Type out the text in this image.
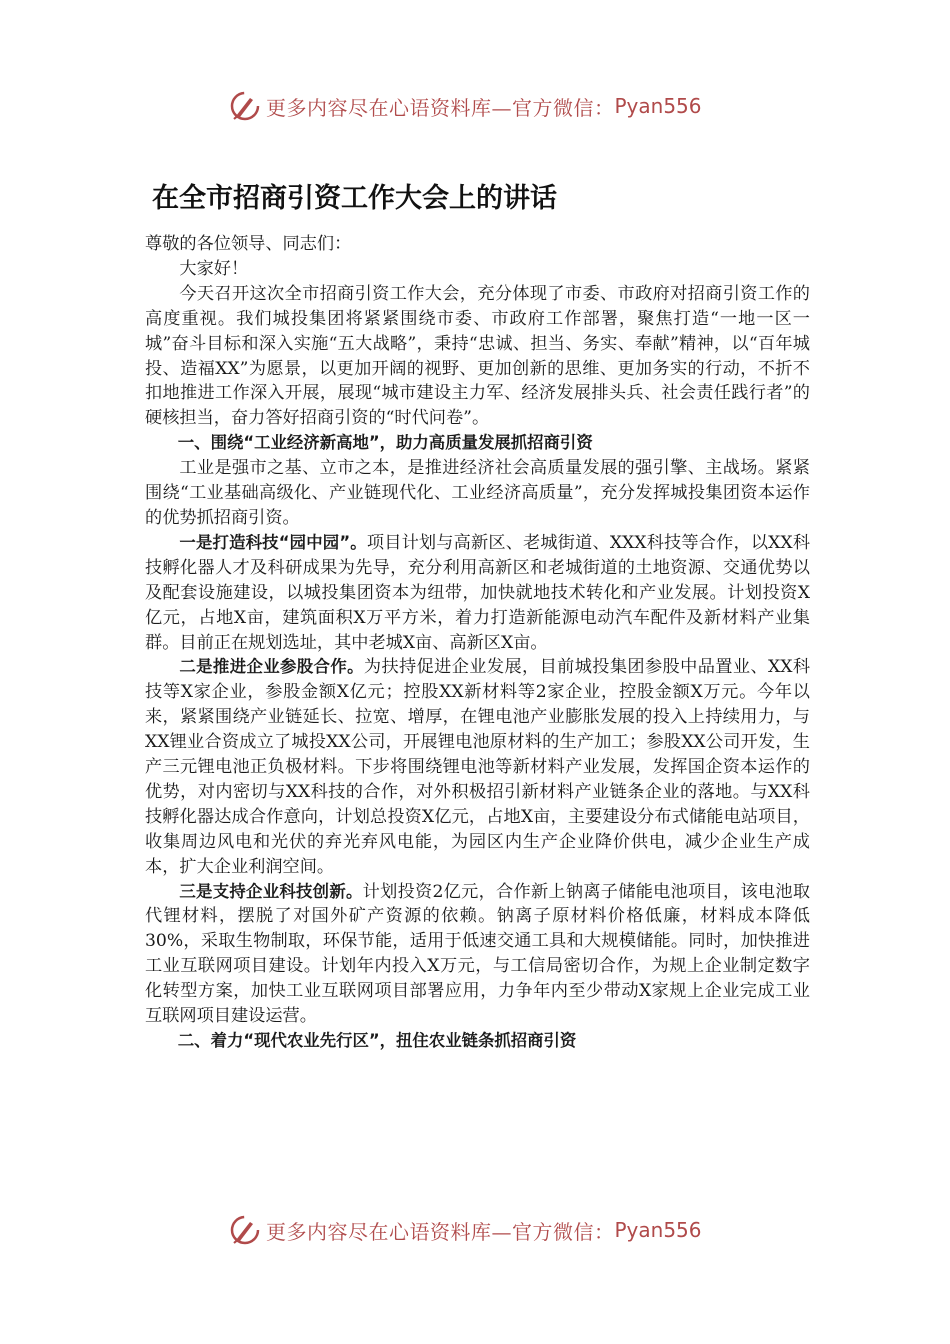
更多内容尽在心语资料库—官方微信： Pyan556
在全市招商引资工作大会上的讲话

尊敬的各位领导、同志们：

大家好！

今天召开这次全市招商引资工作大会，充分体现了市委、市政府对招商引资工作的高度重视。我们城投集团将紧紧围绕市委、市政府工作部署，聚焦打造“一地一区一城”奋斗目标和深入实施“五大战略”，秉持“忠诚、担当、务实、奉献”精神，以“百年城投、造福XX”为愿景，以更加开阔的视野、更加创新的思维、更加务实的行动，不折不扣地推进工作深入开展，展现“城市建设主力军、经济发展排头兵、社会责任践行者”的硬核担当，奋力答好招商引资的“时代问卷”。

一、围绕“工业经济新高地”，助力高质量发展抓招商引资

工业是强市之基、立市之本，是推进经济社会高质量发展的强引擎、主战场。紧紧围绕“工业基础高级化、产业链现代化、工业经济高质量”，充分发挥城投集团资本运作的优势抓招商引资。

一是打造科技“园中园”。项目计划与高新区、老城街道、XXX科技等合作，以XX科技孵化器人才及科研成果为先导，充分利用高新区和老城街道的土地资源、交通优势以及配套设施建设，以城投集团资本为纽带，加快就地技术转化和产业发展。计划投资X亿元，占地X亩，建筑面积X万平方米，着力打造新能源电动汽车配件及新材料产业集群。目前正在规划选址，其中老城X亩、高新区X亩。

二是推进企业参股合作。为扶持促进企业发展，目前城投集团参股中品置业、XX科技等X家企业，参股金额X亿元；控股XX新材料等2家企业，控股金额X万元。今年以来，紧紧围绕产业链延长、拉宽、增厚，在锂电池产业膨胀发展的投入上持续用力，与XX锂业合资成立了城投XX公司，开展锂电池原材料的生产加工；参股XX公司开发，生产三元锂电池正负极材料。下步将围绕锂电池等新材料产业发展，发挥国企资本运作的优势，对内密切与XX科技的合作，对外积极招引新材料产业链条企业的落地。与XX科技孵化器达成合作意向，计划总投资X亿元，占地X亩，主要建设分布式储能电站项目，收集周边风电和光伏的弃光弃风电能，为园区内生产企业降价供电，减少企业生产成本，扩大企业利润空间。

三是支持企业科技创新。计划投资2亿元，合作新上钠离子储能电池项目，该电池取代锂材料，摆脱了对国外矿产资源的依赖。钠离子原材料价格低廉，材料成本降低30%，采取生物制取，环保节能，适用于低速交通工具和大规模储能。同时，加快推进工业互联网项目建设。计划年内投入X万元，与工信局密切合作，为规上企业制定数字化转型方案，加快工业互联网项目部署应用，力争年内至少带动X家规上企业完成工业互联网项目建设运营。

二、着力“现代农业先行区”，扭住农业链条抓招商引资

更多内容尽在心语资料库—官方微信： Pyan556
